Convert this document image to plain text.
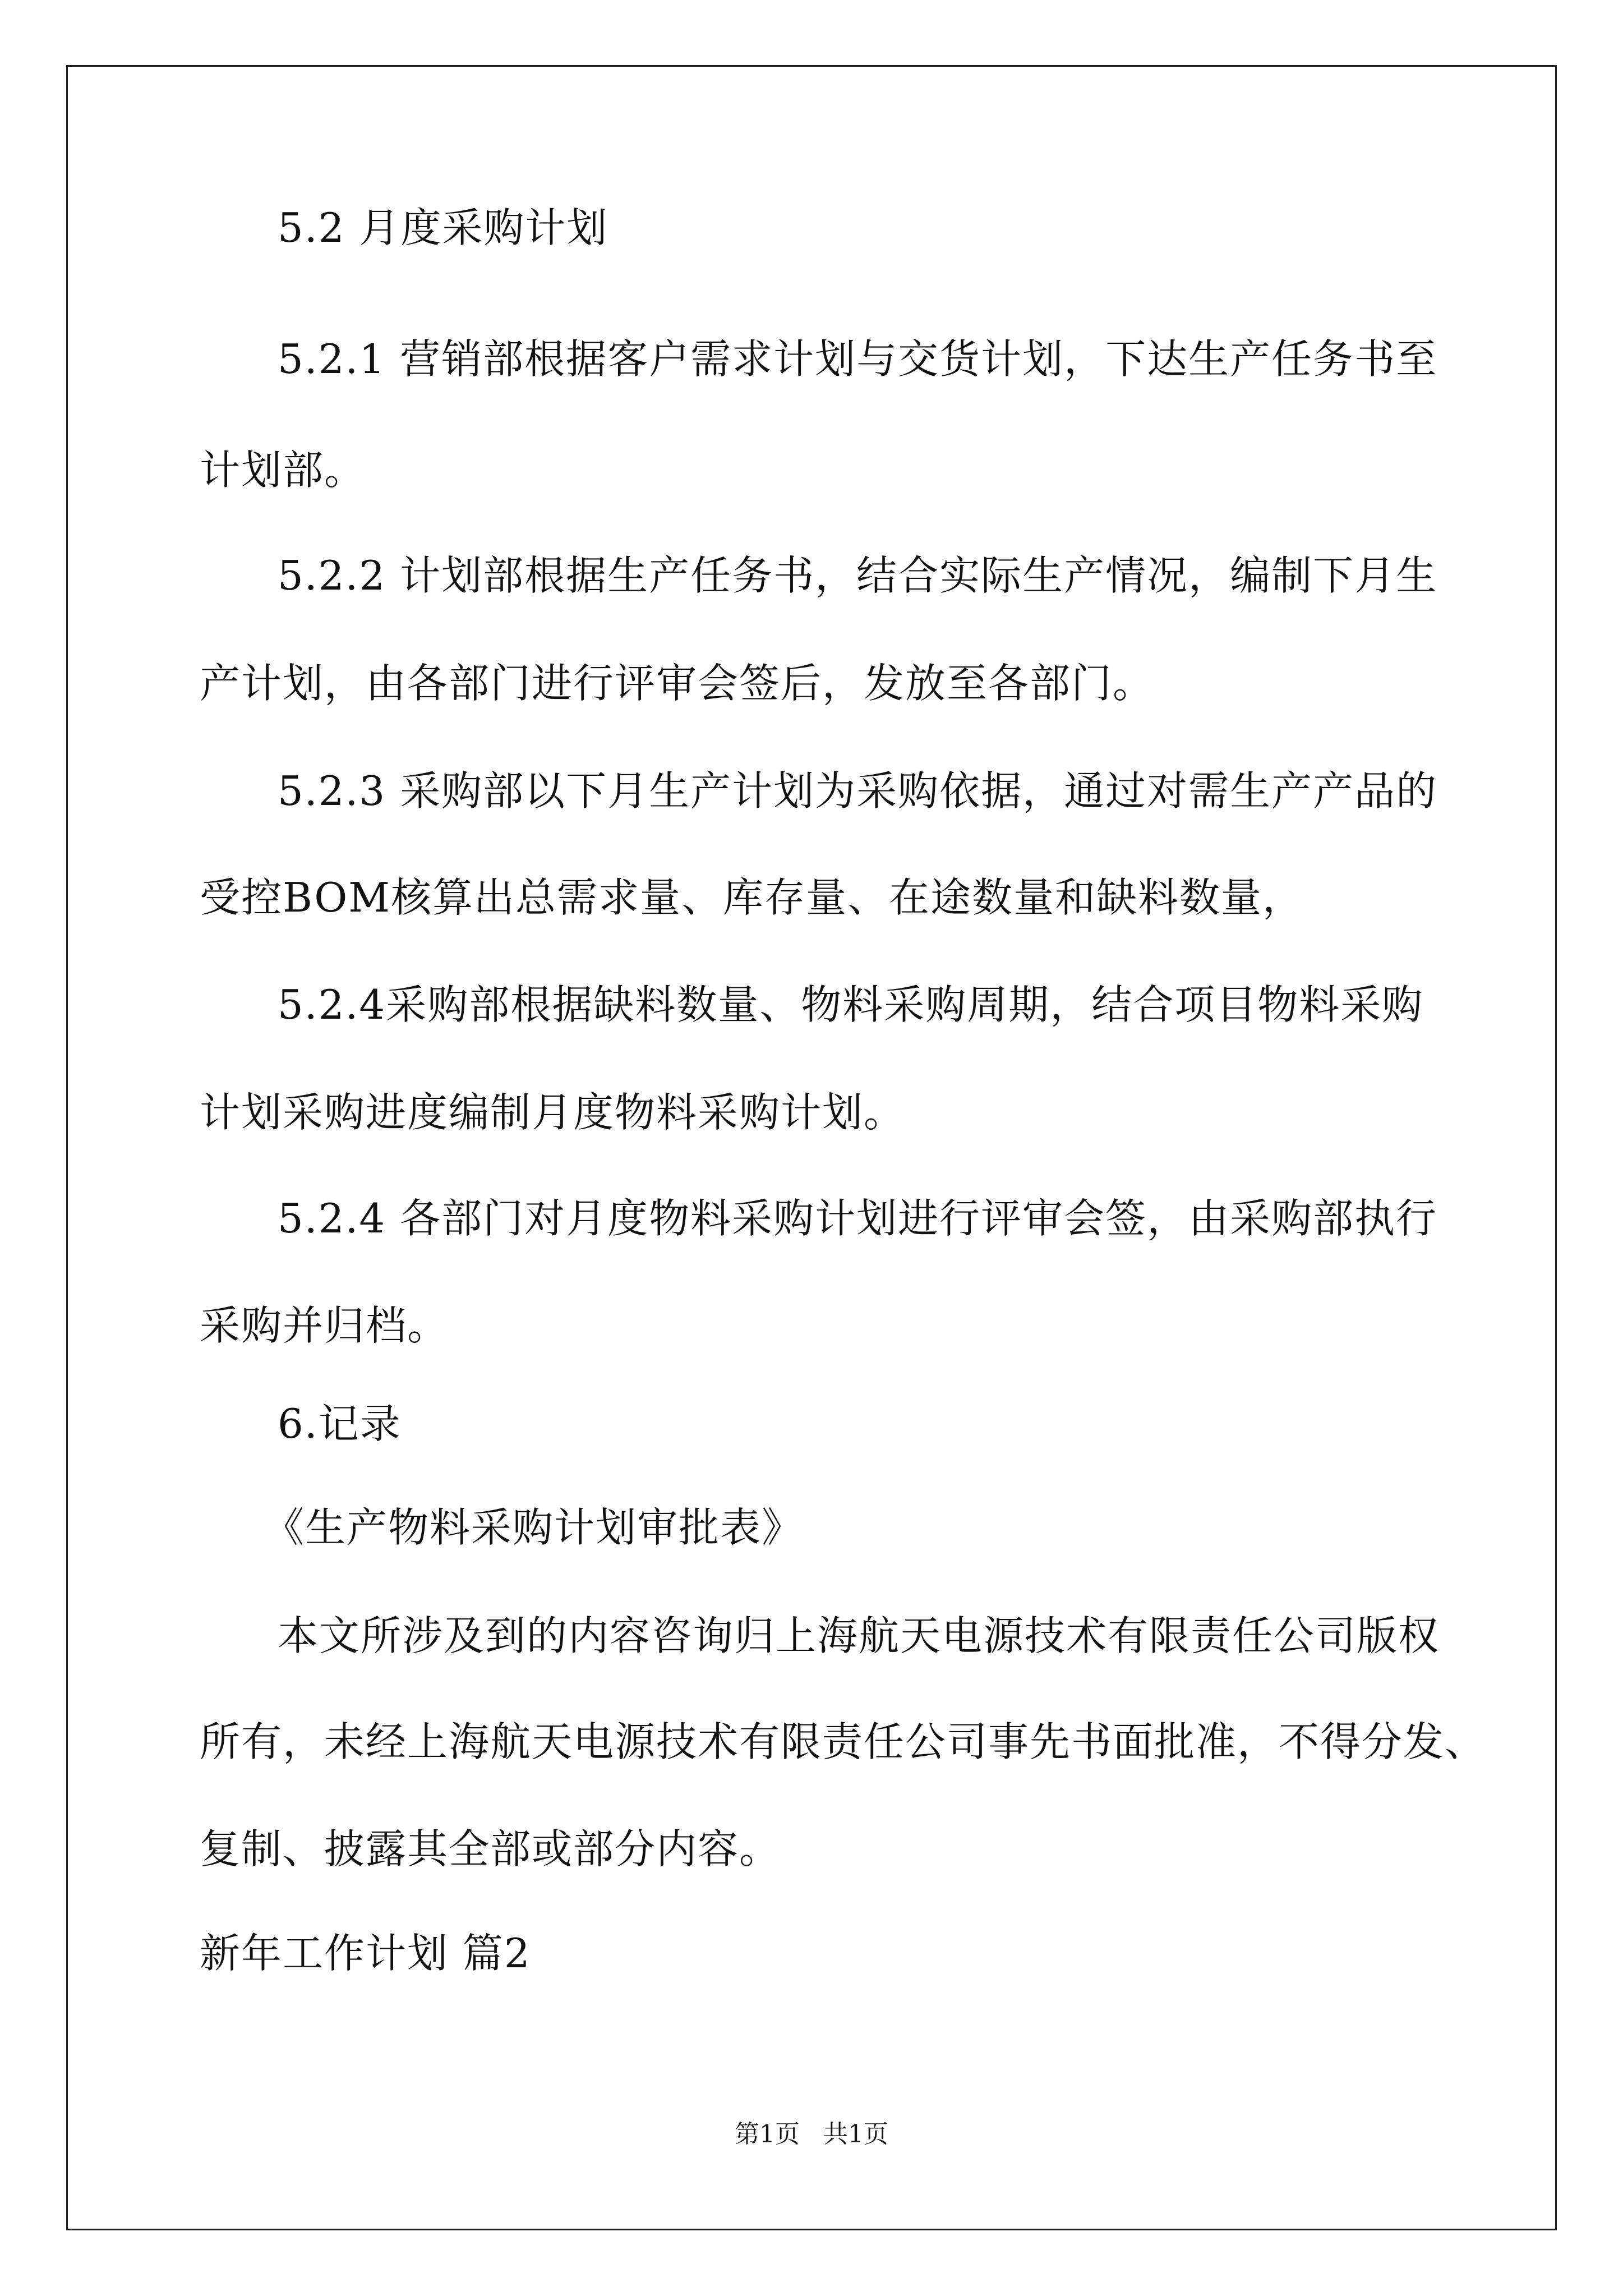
5.2 月度采购计划
5.2.1 营销部根据客户需求计划与交货计划，下达生产任务书至
计划部。
5.2.2 计划部根据生产任务书，结合实际生产情况，编制下月生
产计划，由各部门进行评审会签后，发放至各部门。
5.2.3 采购部以下月生产计划为采购依据，通过对需生产产品的
受控BOM核算出总需求量、库存量、在途数量和缺料数量，
5.2.4采购部根据缺料数量、物料采购周期，结合项目物料采购
计划采购进度编制月度物料采购计划。
5.2.4 各部门对月度物料采购计划进行评审会签，由采购部执行
采购并归档。
6.记录
《生产物料采购计划审批表》
本文所涉及到的内容咨询归上海航天电源技术有限责任公司版权
所有，未经上海航天电源技术有限责任公司事先书面批准，不得分发、
复制、披露其全部或部分内容。
新年工作计划 篇2
第1页   共1页
